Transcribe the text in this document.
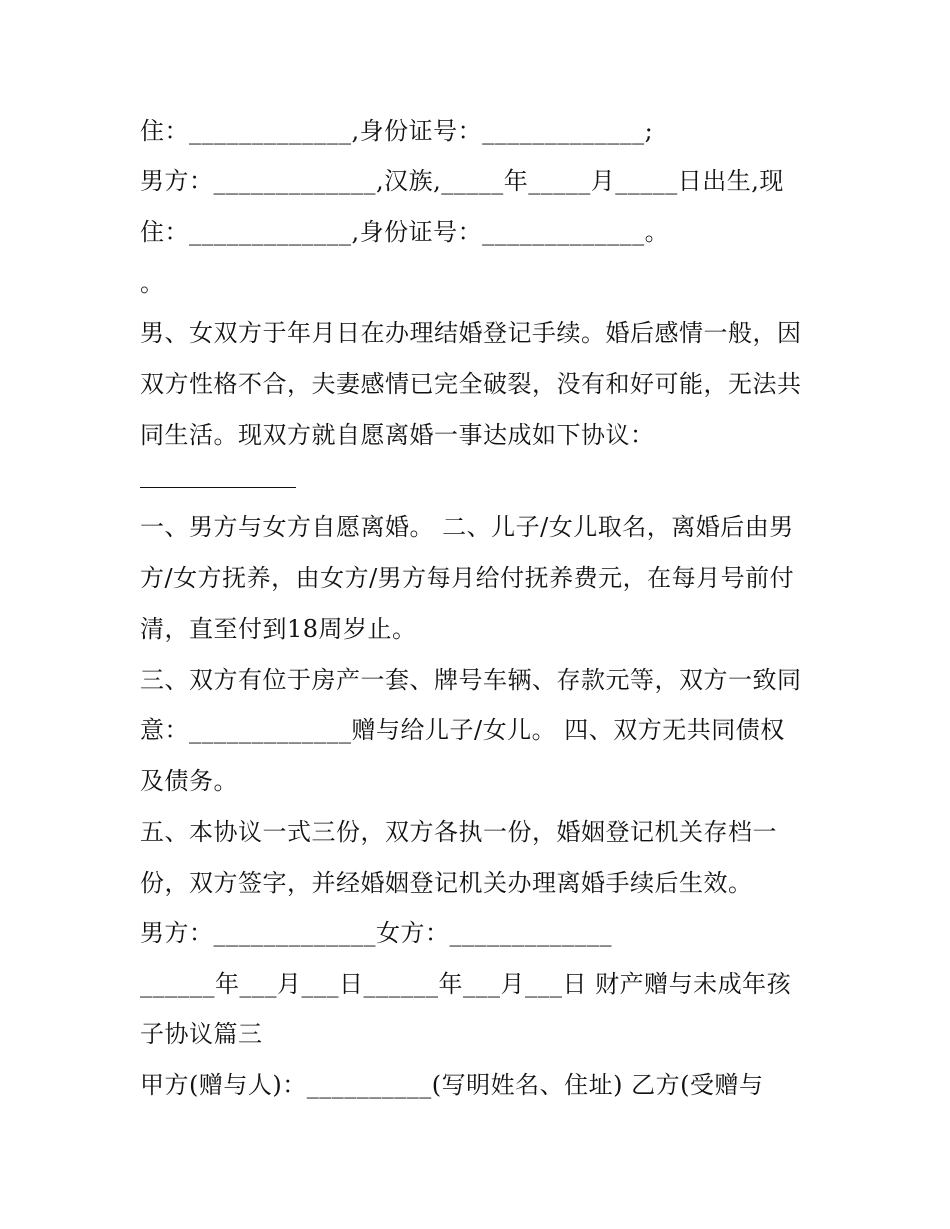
住：_____________,身份证号：_____________;
男方：_____________,汉族,_____年_____月_____日出生,现
住：_____________,身份证号：_____________。
。
男、女双方于年月日在办理结婚登记手续。婚后感情一般，因
双方性格不合，夫妻感情已完全破裂，没有和好可能，无法共
同生活。现双方就自愿离婚一事达成如下协议：
一、男方与女方自愿离婚。 二、儿子/女儿取名，离婚后由男
方/女方抚养，由女方/男方每月给付抚养费元，在每月号前付
清，直至付到18周岁止。
三、双方有位于房产一套、牌号车辆、存款元等，双方一致同
意：_____________赠与给儿子/女儿。 四、双方无共同债权
及债务。
五、本协议一式三份，双方各执一份，婚姻登记机关存档一
份，双方签字，并经婚姻登记机关办理离婚手续后生效。
男方：_____________女方：_____________
______年___月___日______年___月___日 财产赠与未成年孩
子协议篇三
甲方(赠与人)：__________(写明姓名、住址) 乙方(受赠与
